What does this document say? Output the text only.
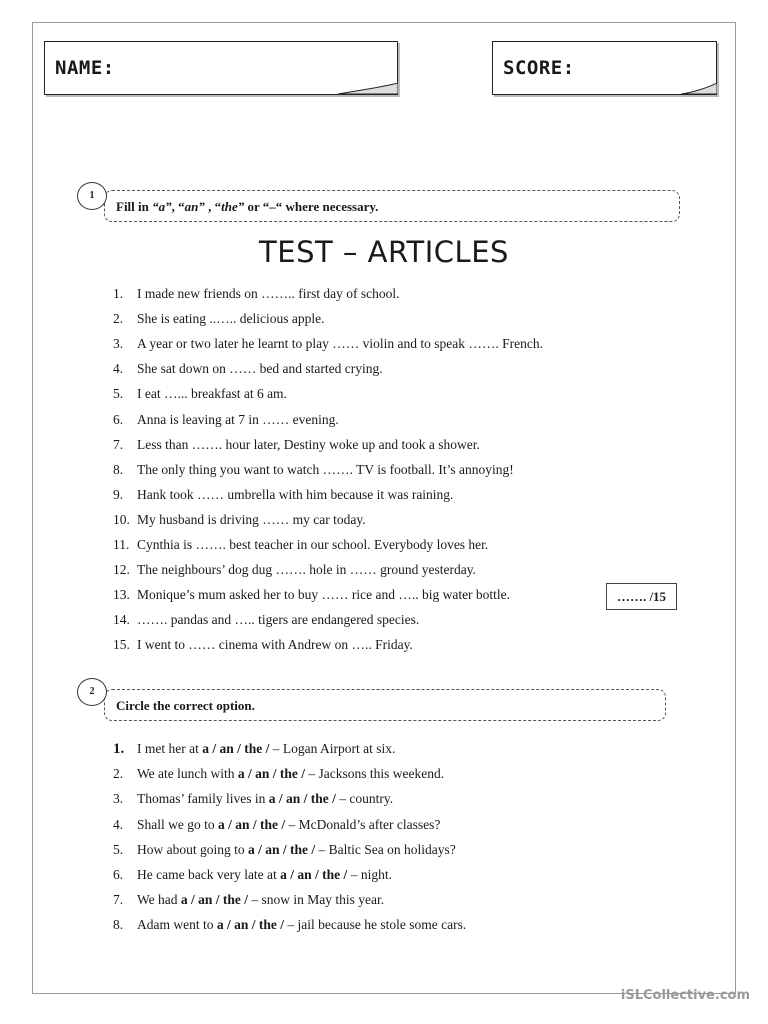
NAME:	SCORE:
1
Fill in “a”, “an” , “the” or “–“ where necessary.
TEST – ARTICLES
1. I made new friends on …….. first day of school.
2. She is eating ..….. delicious apple.
3. A year or two later he learnt to play …… violin and to speak ……. French.
4. She sat down on …… bed and started crying.
5. I eat …... breakfast at 6 am.
6. Anna is leaving at 7 in …… evening.
7. Less than ……. hour later, Destiny woke up and took a shower.
8. The only thing you want to watch ……. TV is football. It’s annoying!
9. Hank took …… umbrella with him because it was raining.
10. My husband is driving …… my car today.
11. Cynthia is ……. best teacher in our school. Everybody loves her.
12. The neighbours’ dog dug ……. hole in …… ground yesterday.
13. Monique’s mum asked her to buy …… rice and ….. big water bottle.
14. ……. pandas and ….. tigers are endangered species.
15. I went to …… cinema with Andrew on ….. Friday.
……. /15
2
Circle the correct option.
1. I met her at a / an / the / – Logan Airport at six.
2. We ate lunch with a / an / the / – Jacksons this weekend.
3. Thomas’ family lives in a / an / the / – country.
4. Shall we go to a / an / the / – McDonald’s after classes?
5. How about going to a / an / the / – Baltic Sea on holidays?
6. He came back very late at a / an / the / – night.
7. We had a / an / the / – snow in May this year.
8. Adam went to a / an / the / – jail because he stole some cars.
iSLCollective.com
